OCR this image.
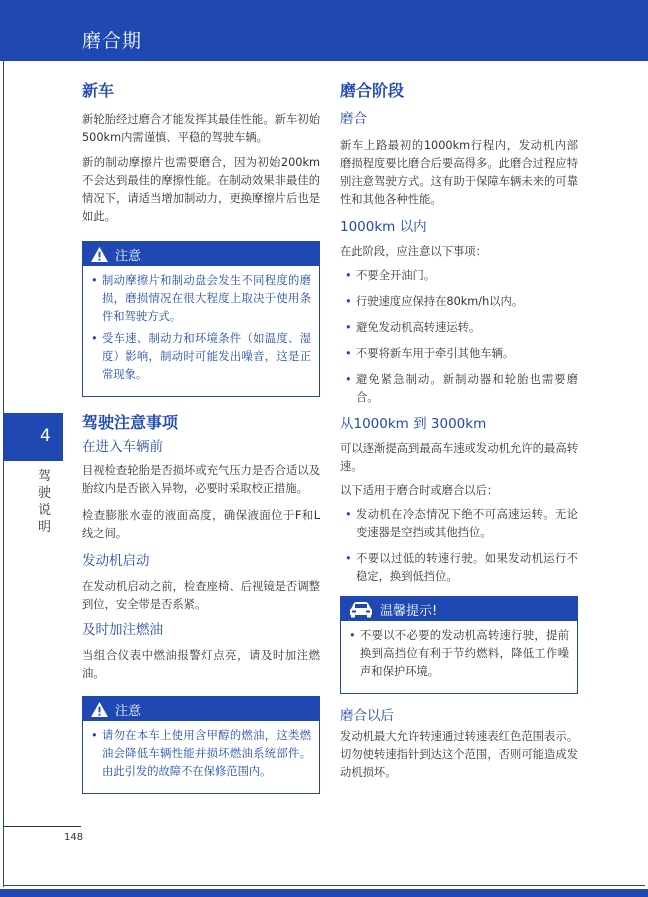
磨合期
4
驾驶说明
148
新车
新轮胎经过磨合才能发挥其最佳性能。新车初始500km内需谨慎、平稳的驾驶车辆。
新的制动摩擦片也需要磨合，因为初始200km不会达到最佳的摩擦性能。在制动效果非最佳的情况下，请适当增加制动力，更换摩擦片后也是如此。
注意
• 制动摩擦片和制动盘会发生不同程度的磨损，磨损情况在很大程度上取决于使用条件和驾驶方式。
• 受车速、制动力和环境条件（如温度、湿度）影响，制动时可能发出噪音，这是正常现象。
驾驶注意事项
在进入车辆前
目视检查轮胎是否损坏或充气压力是否合适以及胎纹内是否嵌入异物，必要时采取校正措施。
检查膨胀水壶的液面高度，确保液面位于F和L线之间。
发动机启动
在发动机启动之前，检查座椅、后视镜是否调整到位，安全带是否系紧。
及时加注燃油
当组合仪表中燃油报警灯点亮，请及时加注燃油。
注意
• 请勿在本车上使用含甲醇的燃油，这类燃油会降低车辆性能并损坏燃油系统部件。由此引发的故障不在保修范围内。
磨合阶段
磨合
新车上路最初的1000km行程内，发动机内部磨损程度要比磨合后要高得多。此磨合过程应特别注意驾驶方式。这有助于保障车辆未来的可靠性和其他各种性能。
1000km 以内
在此阶段，应注意以下事项：
• 不要全开油门。
• 行驶速度应保持在80km/h以内。
• 避免发动机高转速运转。
• 不要将新车用于牵引其他车辆。
• 避免紧急制动。新制动器和轮胎也需要磨合。
从1000km 到 3000km
可以逐渐提高到最高车速或发动机允许的最高转速。
以下适用于磨合时或磨合以后：
• 发动机在冷态情况下绝不可高速运转。无论变速器是空挡或其他挡位。
• 不要以过低的转速行驶。如果发动机运行不稳定，换到低挡位。
温馨提示!
• 不要以不必要的发动机高转速行驶，提前换到高挡位有利于节约燃料，降低工作噪声和保护环境。
磨合以后
发动机最大允许转速通过转速表红色范围表示。切勿使转速指针到达这个范围，否则可能造成发动机损坏。
